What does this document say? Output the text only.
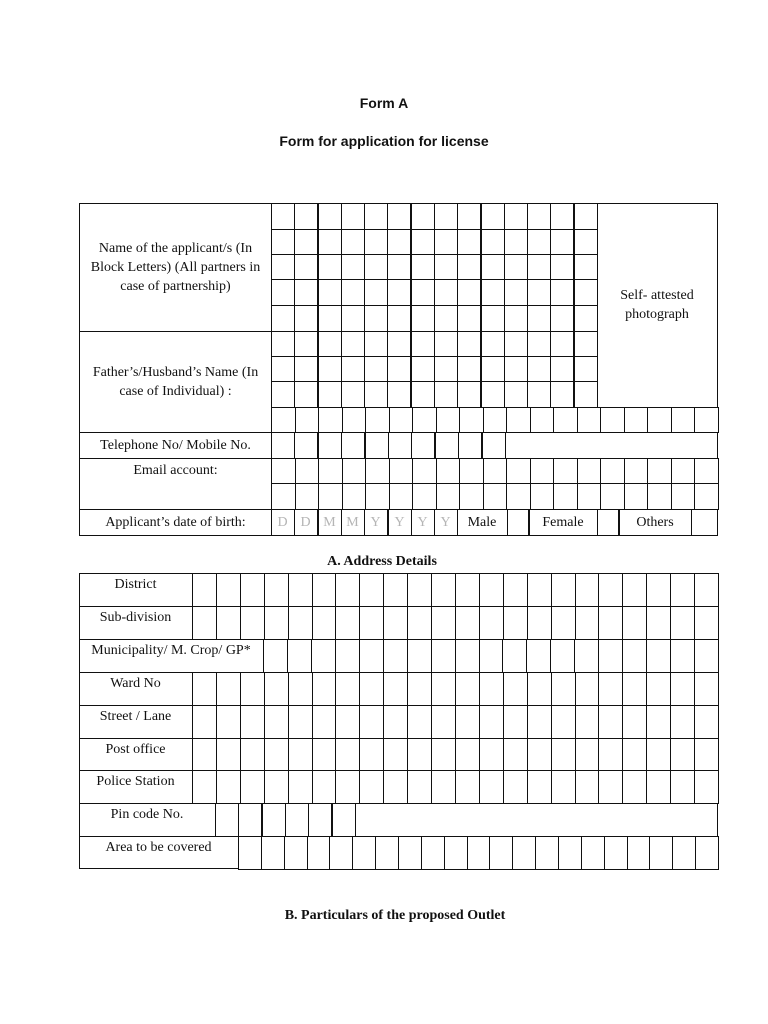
Form A
Form for application for license
Name of the applicant/s (In Block Letters) (All partners in case of partnership)
Self- attested photograph
Father’s/Husband’s Name (In case of Individual) :
Telephone No/ Mobile No.
Email account:
Applicant’s date of birth:	D D M M Y Y Y Y	Male	Female	Others
A. Address Details
District
Sub-division
Municipality/ M. Crop/ GP*
Ward No
Street / Lane
Post office
Police Station
Pin code No.
Area to be covered
B. Particulars of the proposed Outlet
